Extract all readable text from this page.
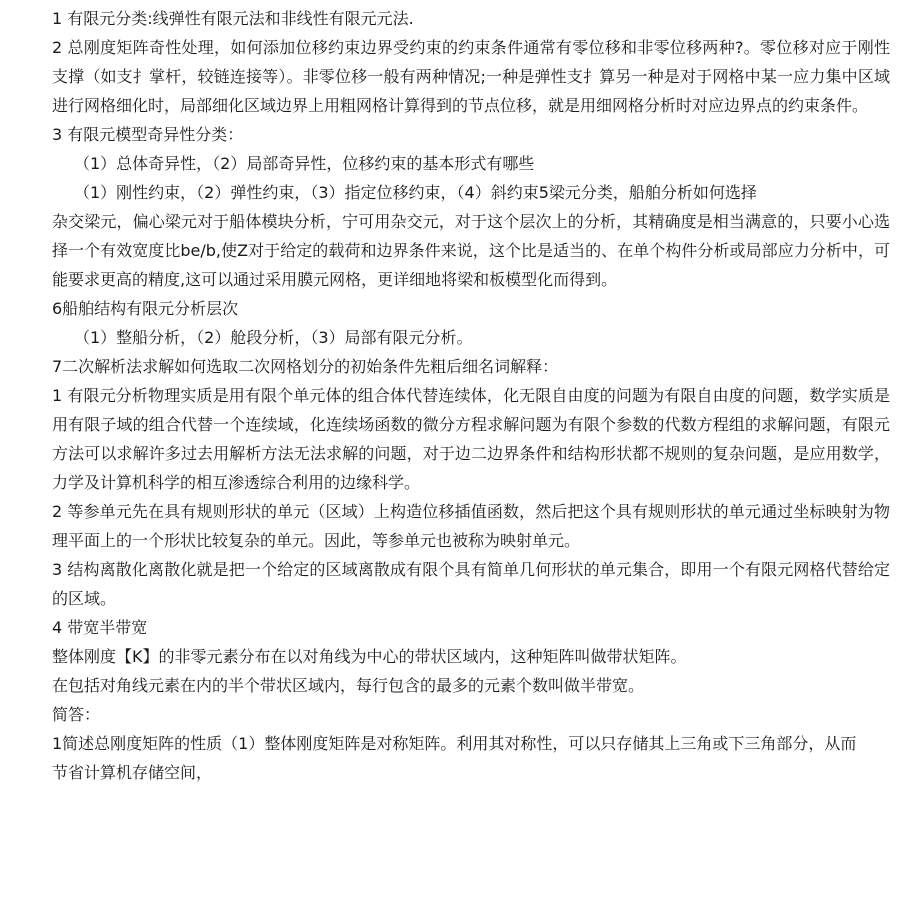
1 有限元分类:线弹性有限元法和非线性有限元元法.

2 总刚度矩阵奇性处理，如何添加位移约束边界受约束的约束条件通常有零位移和非零位移两种?。零位移对应于刚性支撑（如支扌掌杆，较链连接等）。非零位移一般有两种情况;一种是弹性支扌算另一种是对于网格中某一应力集中区域进行网格细化时，局部细化区域边界上用粗网格计算得到的节点位移，就是用细网格分析时对应边界点的约束条件。

3 有限元模型奇异性分类：

（1）总体奇异性，（2）局部奇异性，位移约束的基本形式有哪些

（1）刚性约束，（2）弹性约束，（3）指定位移约束，（4）斜约束5梁元分类，船舶分析如何选择

杂交梁元，偏心梁元对于船体模块分析，宁可用杂交元，对于这个层次上的分析，其精确度是相当满意的，只要小心选择一个有效宽度比be/b,使Z对于给定的载荷和边界条件来说，这个比是适当的、在单个构件分析或局部应力分析中，可能要求更高的精度,这可以通过采用膜元网格，更详细地将梁和板模型化而得到。

6船舶结构有限元分析层次

（1）整船分析，（2）舱段分析，（3）局部有限元分析。

7二次解析法求解如何选取二次网格划分的初始条件先粗后细名词解释：

1 有限元分析物理实质是用有限个单元体的组合体代替连续体，化无限自由度的问题为有限自由度的问题，数学实质是用有限子域的组合代替一个连续域，化连续场函数的微分方程求解问题为有限个参数的代数方程组的求解问题，有限元方法可以求解许多过去用解析方法无法求解的问题，对于边二边界条件和结构形状都不规则的复杂问题，是应用数学，力学及计算机科学的相互渗透综合利用的边缘科学。

2 等参单元先在具有规则形状的单元（区域）上构造位移插值函数，然后把这个具有规则形状的单元通过坐标映射为物理平面上的一个形状比较复杂的单元。因此，等参单元也被称为映射单元。

3 结构离散化离散化就是把一个给定的区域离散成有限个具有简单几何形状的单元集合，即用一个有限元网格代替给定的区域。

4 带宽半带宽

整体刚度【K】的非零元素分布在以对角线为中心的带状区域内，这种矩阵叫做带状矩阵。

在包括对角线元素在内的半个带状区域内，每行包含的最多的元素个数叫做半带宽。

简答：

1简述总刚度矩阵的性质（1）整体刚度矩阵是对称矩阵。利用其对称性，可以只存储其上三角或下三角部分，从而

节省计算机存储空间，
